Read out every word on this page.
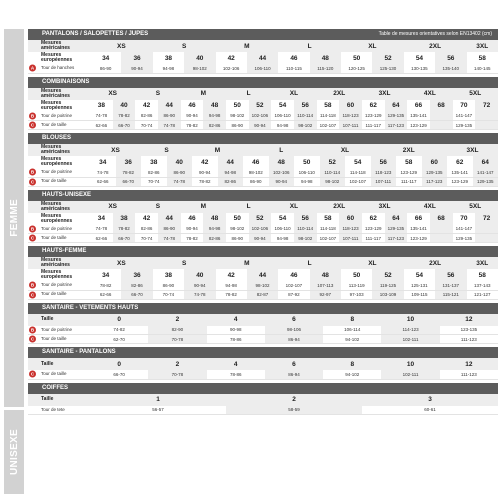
FEMME
UNISEXE
PANTALONS / SALOPETTES / JUPES	Table de mesures orientatives selon EN13402 (cm)
Mesures américaines	XS		S		M		L		XL		2XL		3XL
Mesures européennes	34	36	38	40	42	44	46	48	50	52	54	56	58
Tour de hanches
A	86-90	90-94	94-98	98-102	102-106	106-110	110-115	115-120	120-125	125-130	130-135	135-140	140-145
COMBINAISONS
Mesures américaines	XS		S		M		L		XL		2XL		3XL		4XL		5XL	
Mesures européennes	38	40	42	44	46	48	50	52	54	56	58	60	62	64	66	68	70	72
Tour de poitrine
B	74-78	78-82	82-86	86-90	90-94	94-98	98-102	102-106	106-110	110-114	114-118	118-123	123-129	129-135	135-141		141-147	
Tour de taille
C	62-66	66-70	70-74	74-78	78-82	82-86	86-90	90-94	94-98	98-102	102-107	107-111	111-117	117-123	123-129		129-135	
BLOUSES
Mesures américaines	XS		S		M		L			XL		2XL			3XL	
Mesures européennes	34	36	38	40	42	44	46	48	50	52	54	56	58	60	62	64
Tour de poitrine
B	74-78	78-82	82-86	86-90	90-94	94-98	98-102	102-106	106-110	110-114	114-118	118-123	123-129	129-135	135-141	141-147
Tour de taille
C	62-66	66-70	70-74	74-78	78-82	82-86	86-90	90-94	94-98	98-102	102-107	107-111	111-117	117-123	123-129	129-135
HAUTS-UNISEXE
Mesures américaines	XS		S		M		L		XL		2XL		3XL		4XL		5XL	
Mesures européennes	34	38	42	44	46	48	50	52	54	56	58	60	62	64	66	68	70	72
Tour de poitrine
B	74-78	78-82	82-86	86-90	90-94	94-98	98-102	102-106	106-110	110-114	114-118	118-123	123-129	129-135	135-141		141-147	
Tour de taille
C	62-66	66-70	70-74	74-78	78-82	82-86	86-90	90-94	94-98	98-102	102-107	107-111	111-117	117-123	123-129		129-135	
HAUTS-FEMME
Mesures américaines	XS		S		M		L		XL		2XL		3XL
Mesures européennes	34	36	38	40	42	44	46	48	50	52	54	56	58
Tour de poitrine
B	78-82	82-86	86-90	90-94	94-98	98-102	102-107	107-113	113-119	119-125	125-131	131-137	137-143
Tour de taille
C	62-66	66-70	70-74	74-78	78-82	82-87	87-92	92-97	97-103	103-109	109-115	115-121	121-127
SANITAIRE - VETEMENTS HAUTS
Taille	0	2	4	6	8	10	12
Tour de poitrine
B	74-82	82-90	90-98	98-106	106-114	114-123	123-135
Tour de taille
C	62-70	70-78	78-86	86-94	94-102	102-111	111-123
SANITAIRE - PANTALONS
Taille	0	2	4	6	8	10	12
Tour de taille
C	66-70	70-78	78-86	86-94	94-102	102-111	111-123
COIFFES
Taille	1	2	3
Tour de tete	56-57	58-59	60-61
